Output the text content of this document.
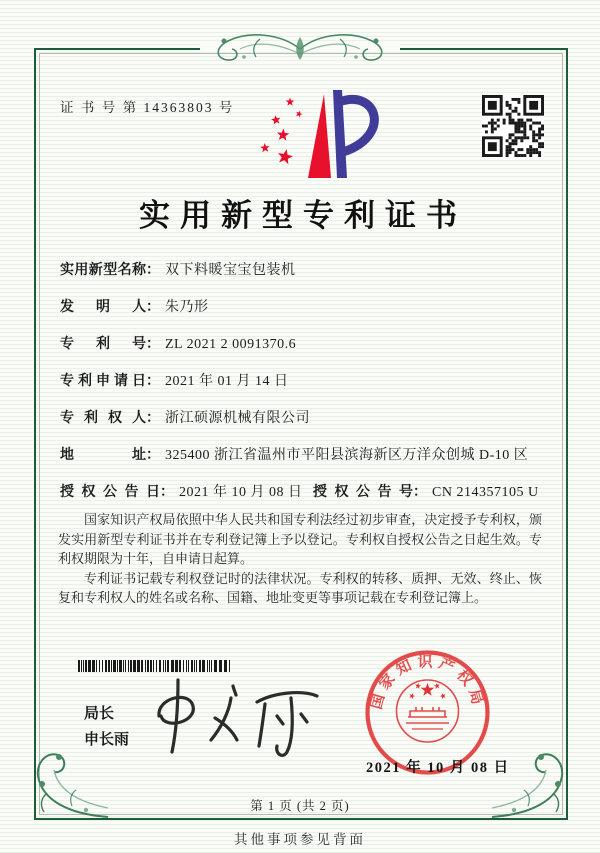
证 书 号 第 14363803 号
实用新型专利证书
实用新型名称： 双下料暖宝宝包装机
发明人： 朱乃形
专利号： ZL 2021 2 0091370.6
专利申请日： 2021 年 01 月 14 日
专利权人： 浙江硕源机械有限公司
地址： 325400 浙江省温州市平阳县滨海新区万洋众创城 D-10 区
授权公告日： 2021 年 10 月 08 日 授权公告号： CN 214357105 U

国家知识产权局依照中华人民共和国专利法经过初步审查，决定授予专利权，颁发实用新型专利证书并在专利登记簿上予以登记。专利权自授权公告之日起生效。专利权期限为十年，自申请日起算。

专利证书记载专利权登记时的法律状况。专利权的转移、质押、无效、终止、恢复和专利权人的姓名或名称、国籍、地址变更等事项记载在专利登记簿上。

局长
申长雨
国家知识产权局
2021 年 10 月 08 日
第 1 页 (共 2 页)
其他事项参见背面
